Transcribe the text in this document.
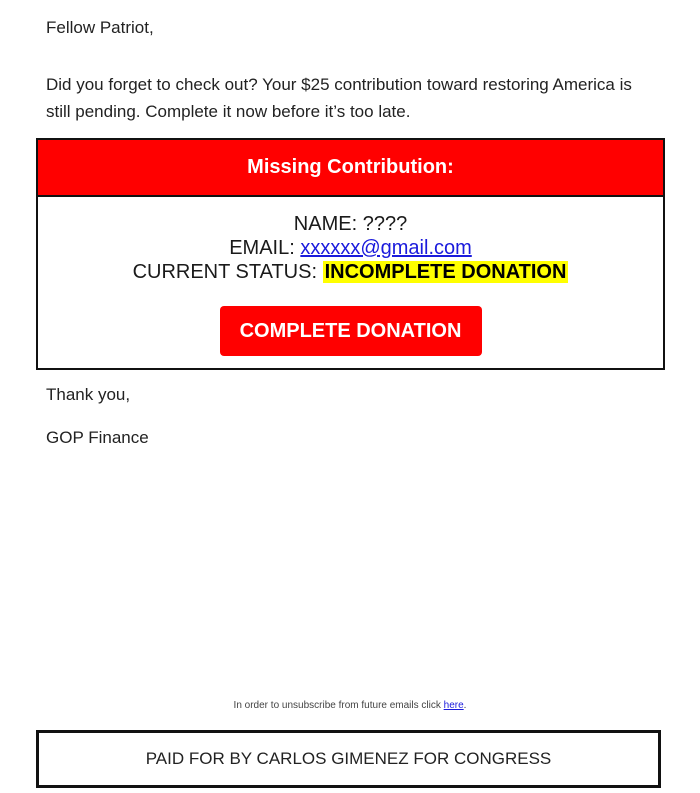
Fellow Patriot,
Did you forget to check out? Your $25 contribution toward restoring America is still pending. Complete it now before it’s too late.
Missing Contribution:
NAME: ????
EMAIL: xxxxxx@gmail.com
CURRENT STATUS: INCOMPLETE DONATION
COMPLETE DONATION
Thank you,
GOP Finance
In order to unsubscribe from future emails click here.
PAID FOR BY CARLOS GIMENEZ FOR CONGRESS
